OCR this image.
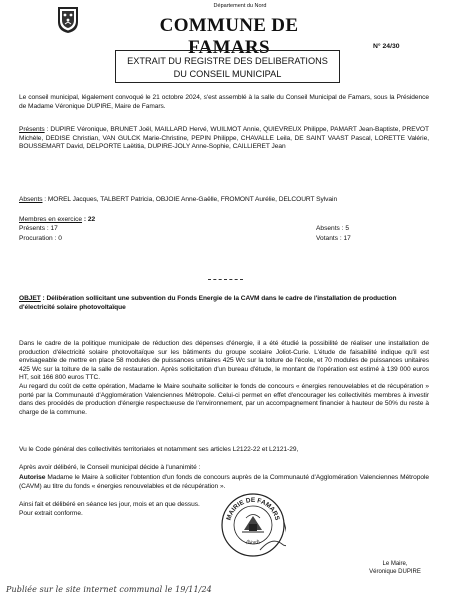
Département du Nord
COMMUNE DE FAMARS
EXTRAIT DU REGISTRE DES DELIBERATIONS
DU CONSEIL MUNICIPAL
N° 24/30
Le conseil municipal, légalement convoqué le 21 octobre 2024, s'est assemblé à la salle du Conseil Municipal de Famars, sous la Présidence de Madame Véronique DUPIRE, Maire de Famars.
Présents : DUPIRE Véronique, BRUNET Joël, MAILLARD Hervé, WUILMOT Annie, QUIEVREUX Philippe, PAMART Jean-Baptiste, PREVOT Michèle, DEDISE Christian, VAN GULCK Marie-Christine, PEPIN Philippe, CHAVALLE Leila, DE SAINT VAAST Pascal, LORETTE Valérie, BOUSSEMART David, DELPORTE Laëtitia, DUPIRE-JOLY Anne-Sophie, CAILLIERET Jean
Absents : MOREL Jacques, TALBERT Patricia, OBJOIE Anne-Gaëlle, FROMONT Aurélie, DELCOURT Sylvain
Membres en exercice : 22
Présents : 17
Procuration : 0
Absents : 5
Votants : 17
OBJET : Délibération sollicitant une subvention du Fonds Energie de la CAVM dans le cadre de l'installation de production d'électricité solaire photovoltaïque
Dans le cadre de la politique municipale de réduction des dépenses d'énergie, il a été étudié la possibilité de réaliser une installation de production d'électricité solaire photovoltaïque sur les bâtiments du groupe scolaire Joliot-Curie. L'étude de faisabilité indique qu'il est envisageable de mettre en place 58 modules de puissances unitaires 425 Wc sur la toiture de l'école, et 70 modules de puissances unitaires 425 Wc sur la toiture de la salle de restauration. Après sollicitation d'un bureau d'étude, le montant de l'opération est estimé à 139 000 euros HT, soit 166 800 euros TTC.
Au regard du coût de cette opération, Madame le Maire souhaite solliciter le fonds de concours « énergies renouvelables et de récupération » porté par la Communauté d'Agglomération Valenciennes Métropole. Celui-ci permet en effet d'encourager les collectivités membres à investir dans des procédés de production d'énergie respectueuse de l'environnement, par un accompagnement financier à hauteur de 50% du reste à charge de la commune.
Vu le Code général des collectivités territoriales et notamment ses articles L2122-22 et L2121-29,
Après avoir délibéré, le Conseil municipal décide à l'unanimité :
Autorise Madame le Maire à solliciter l'obtention d'un fonds de concours auprès de la Communauté d'Agglomération Valenciennes Métropole (CAVM) au titre du fonds « énergies renouvelables et de récupération ».
Ainsi fait et délibéré en séance les jour, mois et an que dessus.
Pour extrait conforme.
MAIRIE DE FAMARS
(Nord)
Le Maire,
Véronique DUPIRE
Publiée sur le site internet communal le 19/11/24
